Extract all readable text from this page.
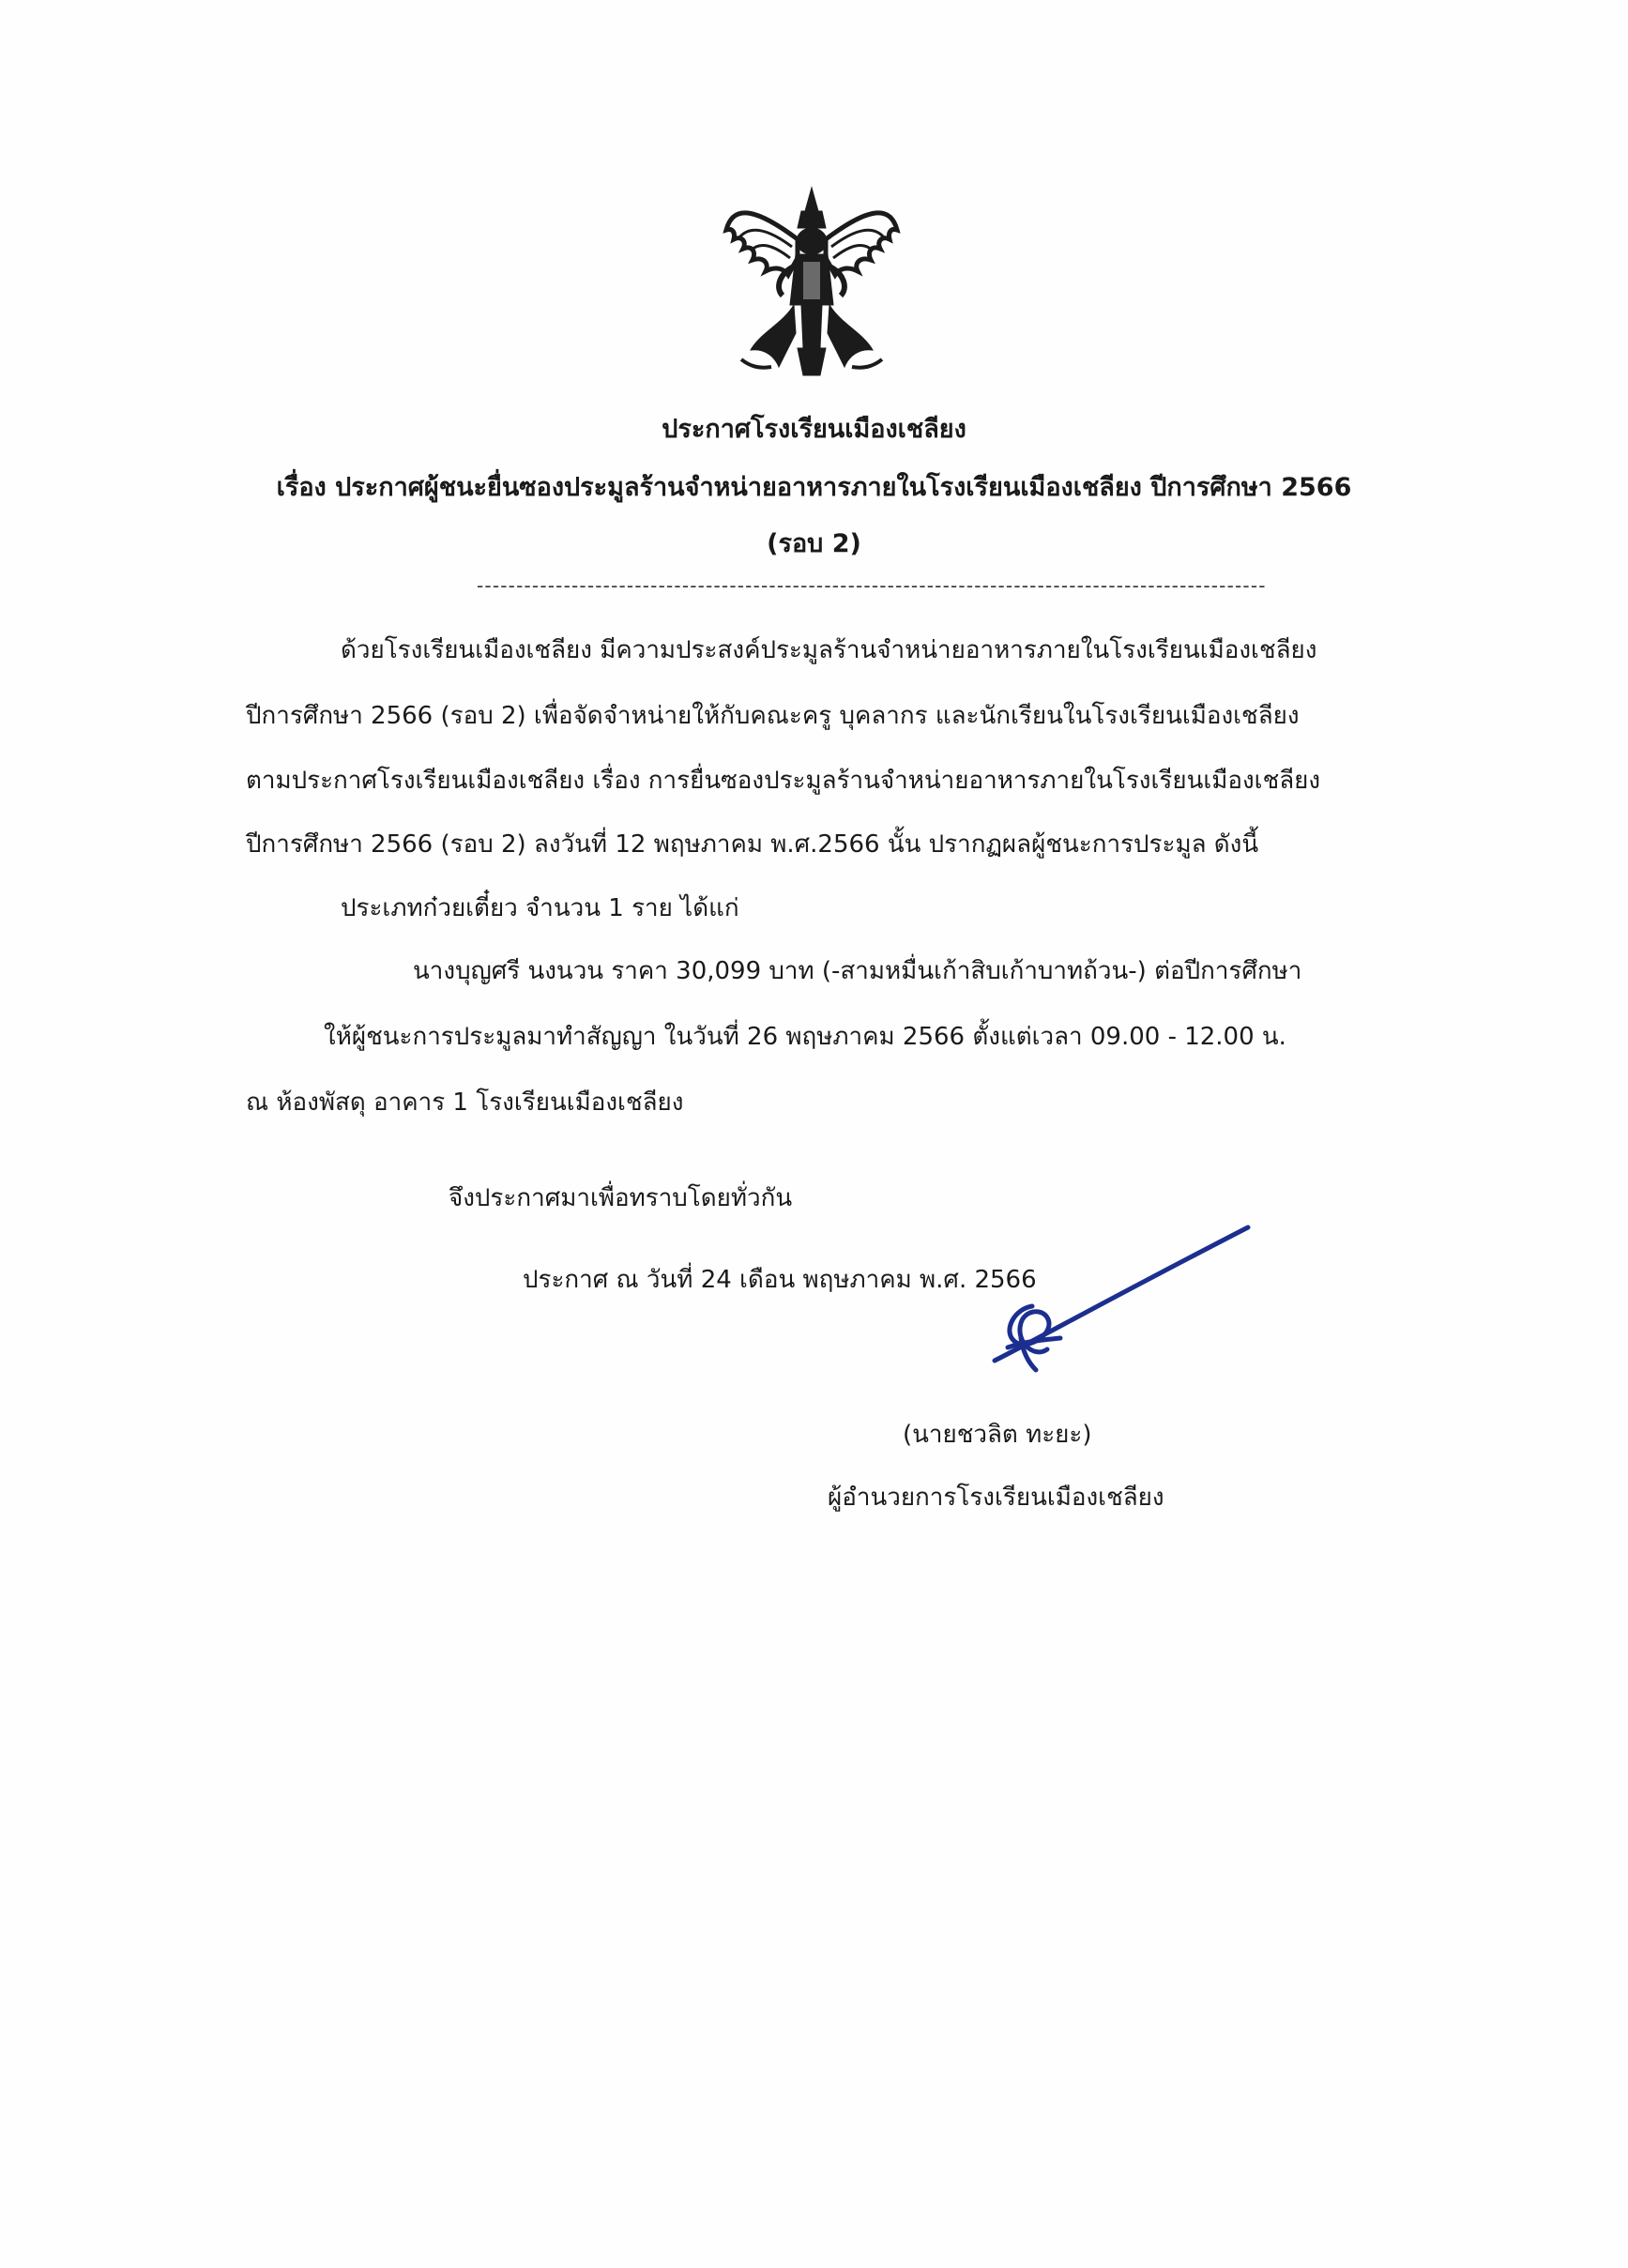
ประกาศโรงเรียนเมืองเชลียง
เรื่อง ประกาศผู้ชนะยื่นซองประมูลร้านจำหน่ายอาหารภายในโรงเรียนเมืองเชลียง ปีการศึกษา 2566
(รอบ 2)
----------------------------------------------------------------------------------------------------
ด้วยโรงเรียนเมืองเชลียง มีความประสงค์ประมูลร้านจำหน่ายอาหารภายในโรงเรียนเมืองเชลียง
ปีการศึกษา 2566 (รอบ 2) เพื่อจัดจำหน่ายให้กับคณะครู บุคลากร และนักเรียนในโรงเรียนเมืองเชลียง
ตามประกาศโรงเรียนเมืองเชลียง เรื่อง การยื่นซองประมูลร้านจำหน่ายอาหารภายในโรงเรียนเมืองเชลียง
ปีการศึกษา 2566 (รอบ 2) ลงวันที่ 12 พฤษภาคม พ.ศ.2566 นั้น ปรากฏผลผู้ชนะการประมูล ดังนี้
ประเภทก๋วยเตี๋ยว จำนวน 1 ราย ได้แก่
นางบุญศรี นงนวน ราคา 30,099 บาท (-สามหมื่นเก้าสิบเก้าบาทถ้วน-) ต่อปีการศึกษา
ให้ผู้ชนะการประมูลมาทำสัญญา ในวันที่ 26 พฤษภาคม 2566 ตั้งแต่เวลา 09.00 - 12.00 น.
ณ ห้องพัสดุ อาคาร 1 โรงเรียนเมืองเชลียง
จึงประกาศมาเพื่อทราบโดยทั่วกัน
ประกาศ ณ วันที่ 24 เดือน พฤษภาคม พ.ศ. 2566
(นายชวลิต ทะยะ)
ผู้อำนวยการโรงเรียนเมืองเชลียง
